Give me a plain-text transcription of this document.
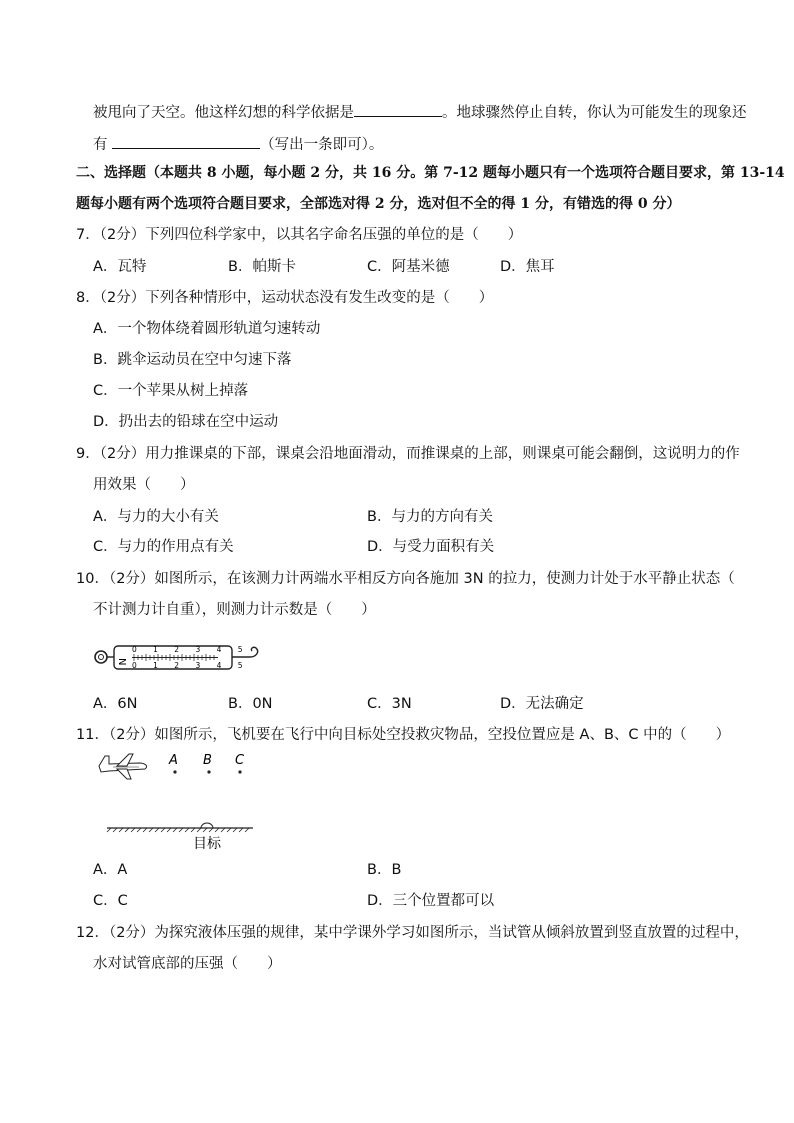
被甩向了天空。他这样幻想的科学依据是	。地球骤然停止自转，你认为可能发生的现象还
有	（写出一条即可）。
二、选择题（本题共 8 小题，每小题 2 分，共 16 分。第 7-12 题每小题只有一个选项符合题目要求，第 13-14
题每小题有两个选项符合题目要求，全部选对得 2 分，选对但不全的得 1 分，有错选的得 0 分）
7．（2分）下列四位科学家中，以其名字命名压强的单位的是（　　）
A．瓦特	B．帕斯卡	C．阿基米德	D．焦耳
8．（2分）下列各种情形中，运动状态没有发生改变的是（　　）
A．一个物体绕着圆形轨道匀速转动
B．跳伞运动员在空中匀速下落
C．一个苹果从树上掉落
D．扔出去的铅球在空中运动
9．（2分）用力推课桌的下部，课桌会沿地面滑动，而推课桌的上部，则课桌可能会翻倒，这说明力的作
用效果（　　）
A．与力的大小有关	B．与力的方向有关
C．与力的作用点有关	D．与受力面积有关
10．（2分）如图所示，在该测力计两端水平相反方向各施加 3N 的拉力，使测力计处于水平静止状态（
不计测力计自重），则测力计示数是（　　）
N
0 1 2 3 4 5
0 1 2 3 4 5
A．6N	B．0N	C．3N	D．无法确定
11．（2分）如图所示，飞机要在飞行中向目标处空投救灾物品，空投位置应是 A、B、C 中的（　　）
A B C
目标
A．A	B．B
C．C	D．三个位置都可以
12．（2分）为探究液体压强的规律，某中学课外学习如图所示，当试管从倾斜放置到竖直放置的过程中，
水对试管底部的压强（　　）
